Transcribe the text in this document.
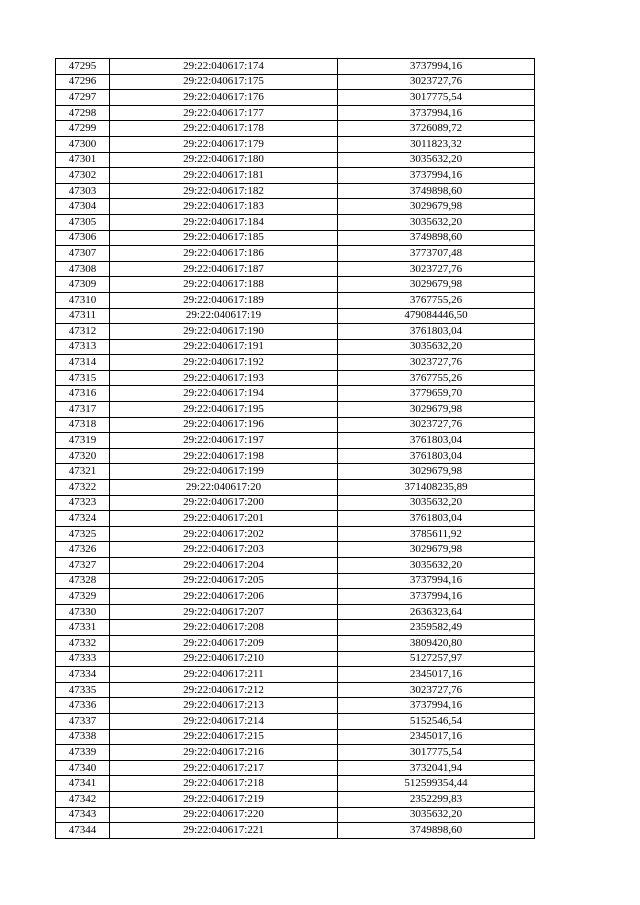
47295	29:22:040617:174	3737994,16
47296	29:22:040617:175	3023727,76
47297	29:22:040617:176	3017775,54
47298	29:22:040617:177	3737994,16
47299	29:22:040617:178	3726089,72
47300	29:22:040617:179	3011823,32
47301	29:22:040617:180	3035632,20
47302	29:22:040617:181	3737994,16
47303	29:22:040617:182	3749898,60
47304	29:22:040617:183	3029679,98
47305	29:22:040617:184	3035632,20
47306	29:22:040617:185	3749898,60
47307	29:22:040617:186	3773707,48
47308	29:22:040617:187	3023727,76
47309	29:22:040617:188	3029679,98
47310	29:22:040617:189	3767755,26
47311	29:22:040617:19	479084446,50
47312	29:22:040617:190	3761803,04
47313	29:22:040617:191	3035632,20
47314	29:22:040617:192	3023727,76
47315	29:22:040617:193	3767755,26
47316	29:22:040617:194	3779659,70
47317	29:22:040617:195	3029679,98
47318	29:22:040617:196	3023727,76
47319	29:22:040617:197	3761803,04
47320	29:22:040617:198	3761803,04
47321	29:22:040617:199	3029679,98
47322	29:22:040617:20	371408235,89
47323	29:22:040617:200	3035632,20
47324	29:22:040617:201	3761803,04
47325	29:22:040617:202	3785611,92
47326	29:22:040617:203	3029679,98
47327	29:22:040617:204	3035632,20
47328	29:22:040617:205	3737994,16
47329	29:22:040617:206	3737994,16
47330	29:22:040617:207	2636323,64
47331	29:22:040617:208	2359582,49
47332	29:22:040617:209	3809420,80
47333	29:22:040617:210	5127257,97
47334	29:22:040617:211	2345017,16
47335	29:22:040617:212	3023727,76
47336	29:22:040617:213	3737994,16
47337	29:22:040617:214	5152546,54
47338	29:22:040617:215	2345017,16
47339	29:22:040617:216	3017775,54
47340	29:22:040617:217	3732041,94
47341	29:22:040617:218	512599354,44
47342	29:22:040617:219	2352299,83
47343	29:22:040617:220	3035632,20
47344	29:22:040617:221	3749898,60
